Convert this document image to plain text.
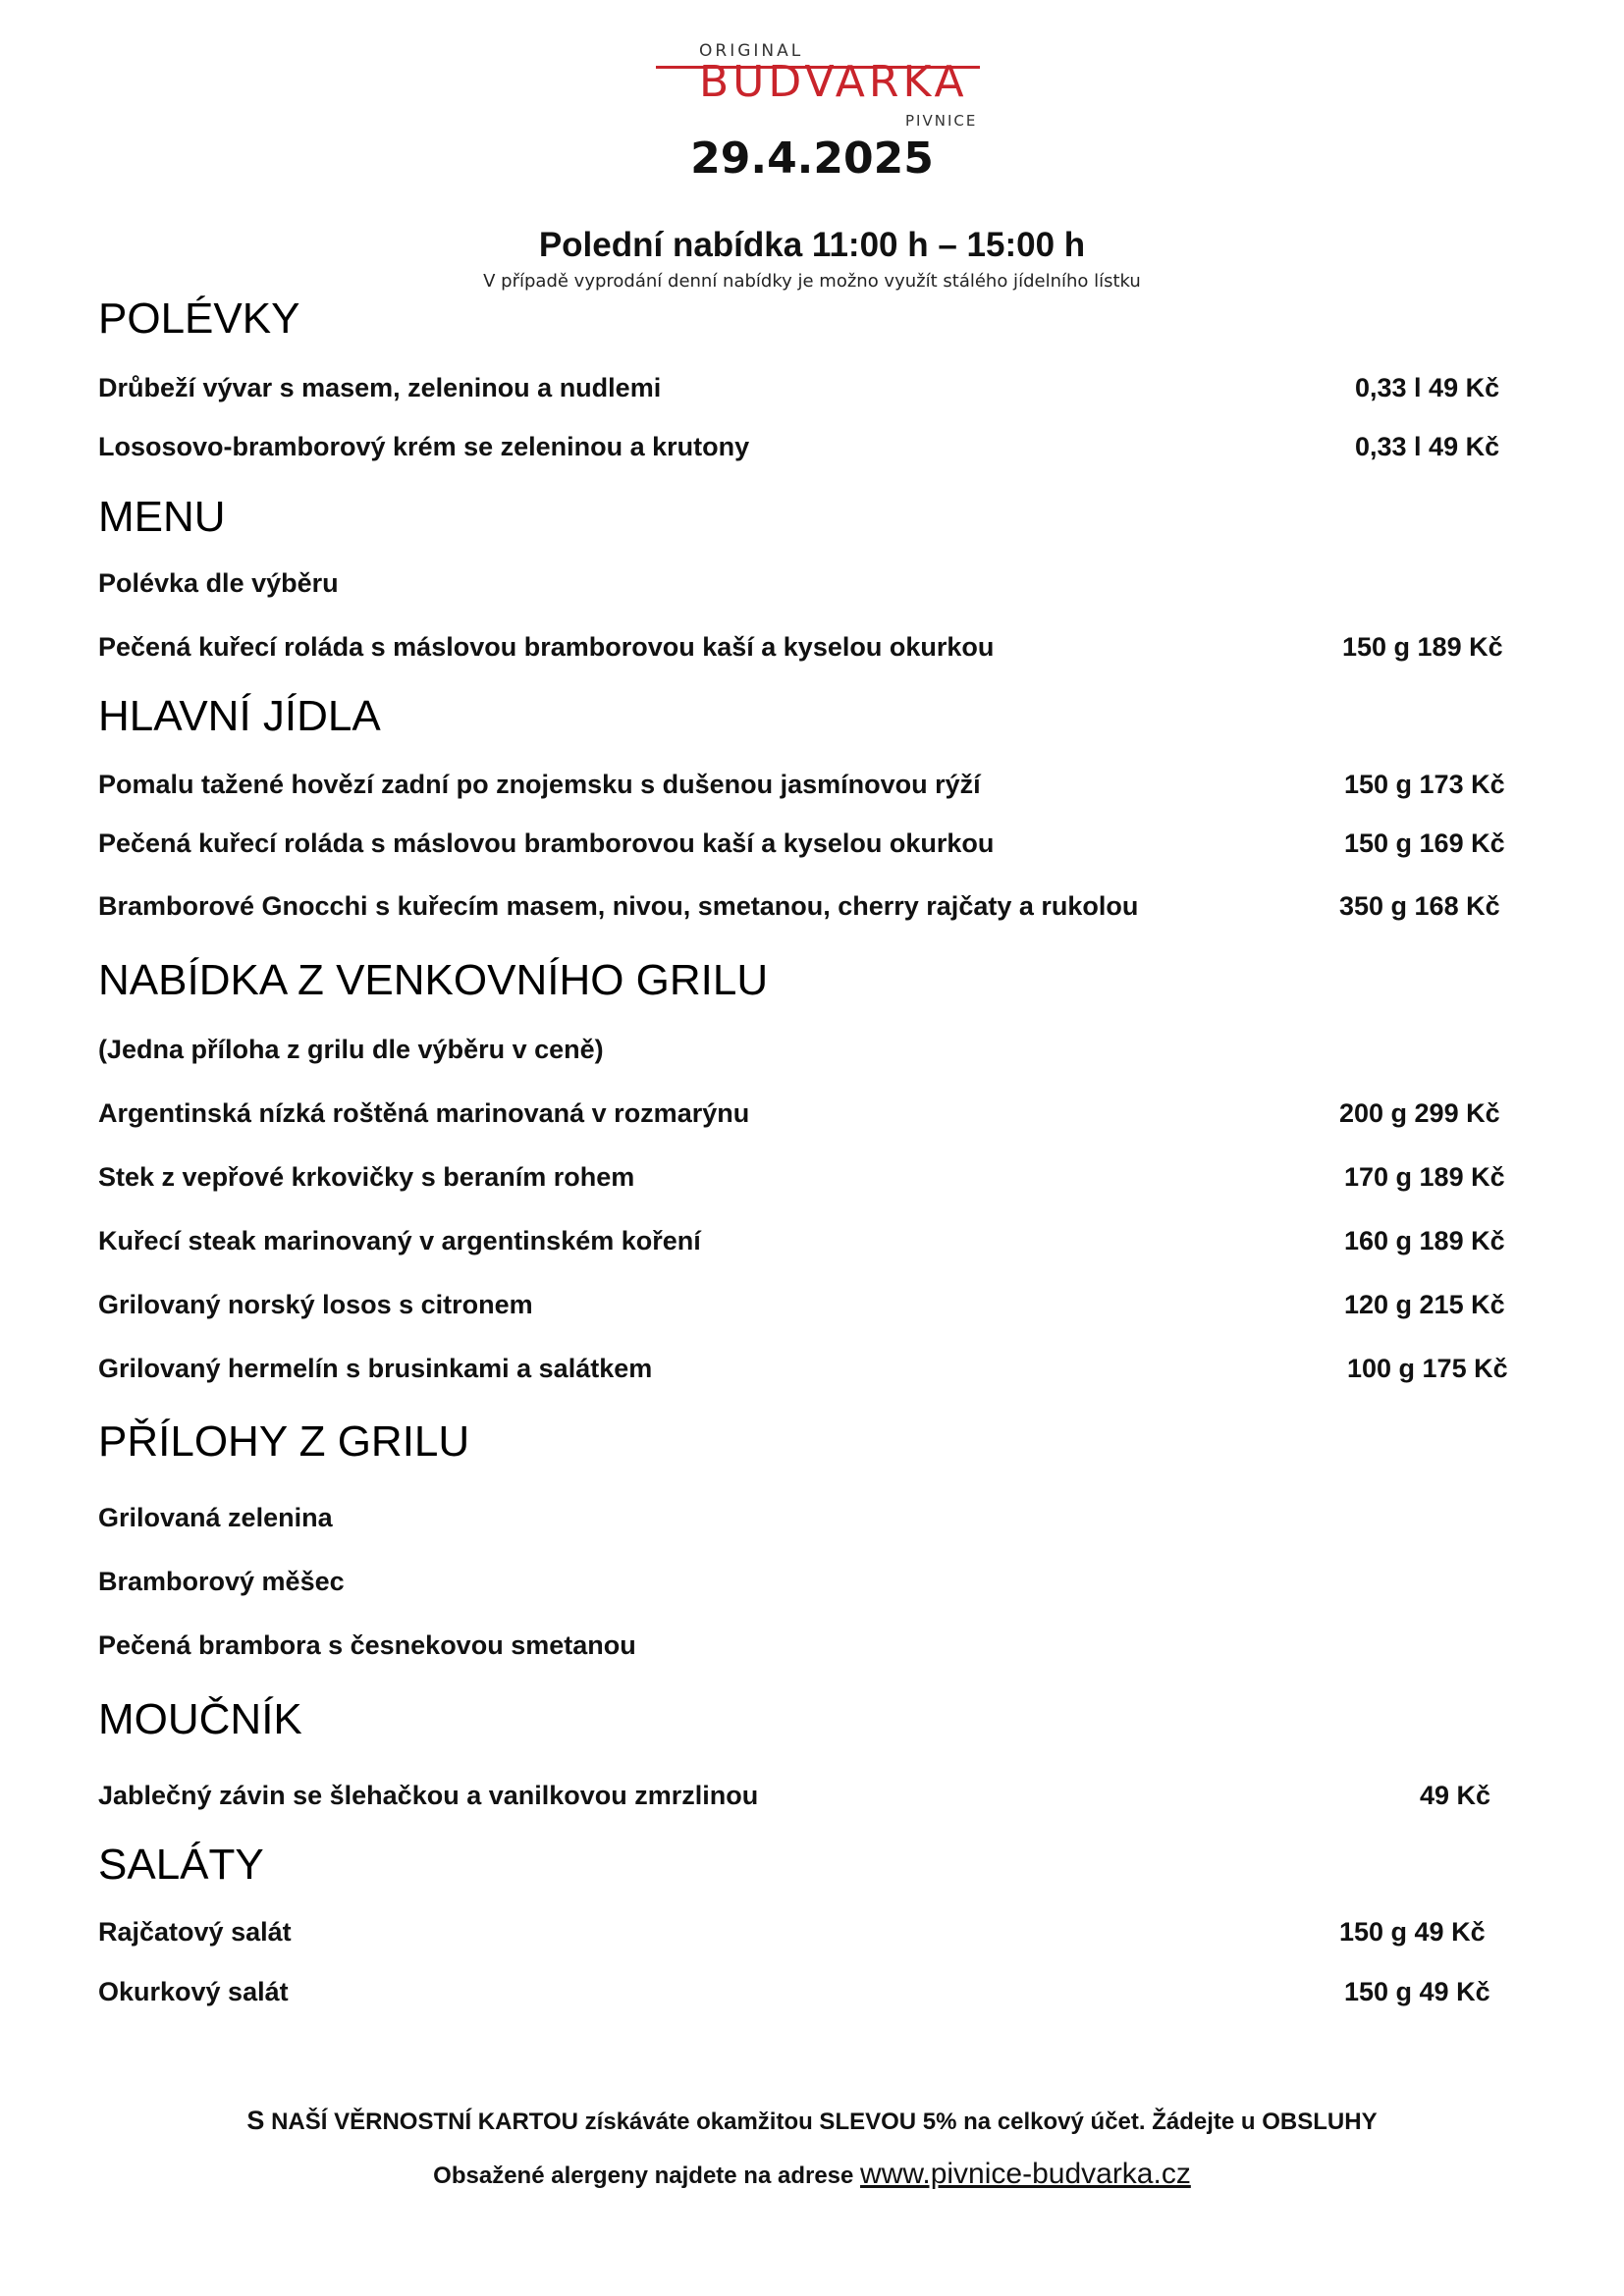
ORIGINAL
BUDVARKA
PIVNICE
29.4.2025
Polední nabídka 11:00 h – 15:00 h
V případě vyprodání denní nabídky je možno využít stálého jídelního lístku
POLÉVKY
Drůbeží vývar s masem, zeleninou a nudlemi	0,33 l 49 Kč
Lososovo-bramborový krém se zeleninou a krutony	0,33 l 49 Kč
MENU
Polévka dle výběru
Pečená kuřecí roláda s máslovou bramborovou kaší a kyselou okurkou	150 g 189 Kč
HLAVNÍ JÍDLA
Pomalu tažené hovězí zadní po znojemsku s dušenou jasmínovou rýží	150 g 173 Kč
Pečená kuřecí roláda s máslovou bramborovou kaší a kyselou okurkou	150 g 169 Kč
Bramborové Gnocchi s kuřecím masem, nivou, smetanou, cherry rajčaty a rukolou	350 g 168 Kč
NABÍDKA Z VENKOVNÍHO GRILU
(Jedna příloha z grilu dle výběru v ceně)
Argentinská nízká roštěná marinovaná v rozmarýnu	200 g 299 Kč
Stek z vepřové krkovičky s beraním rohem	170 g 189 Kč
Kuřecí steak marinovaný v argentinském koření	160 g 189 Kč
Grilovaný norský losos s citronem	120 g 215 Kč
Grilovaný hermelín s brusinkami a salátkem	100 g 175 Kč
PŘÍLOHY Z GRILU
Grilovaná zelenina
Bramborový měšec
Pečená brambora s česnekovou smetanou
MOUČNÍK
Jablečný závin se šlehačkou a vanilkovou zmrzlinou	49 Kč
SALÁTY
Rajčatový salát	150 g 49 Kč
Okurkový salát	150 g 49 Kč
S NAŠÍ VĚRNOSTNÍ KARTOU získáváte okamžitou SLEVOU 5% na celkový účet. Žádejte u OBSLUHY
Obsažené alergeny najdete na adrese www.pivnice-budvarka.cz
